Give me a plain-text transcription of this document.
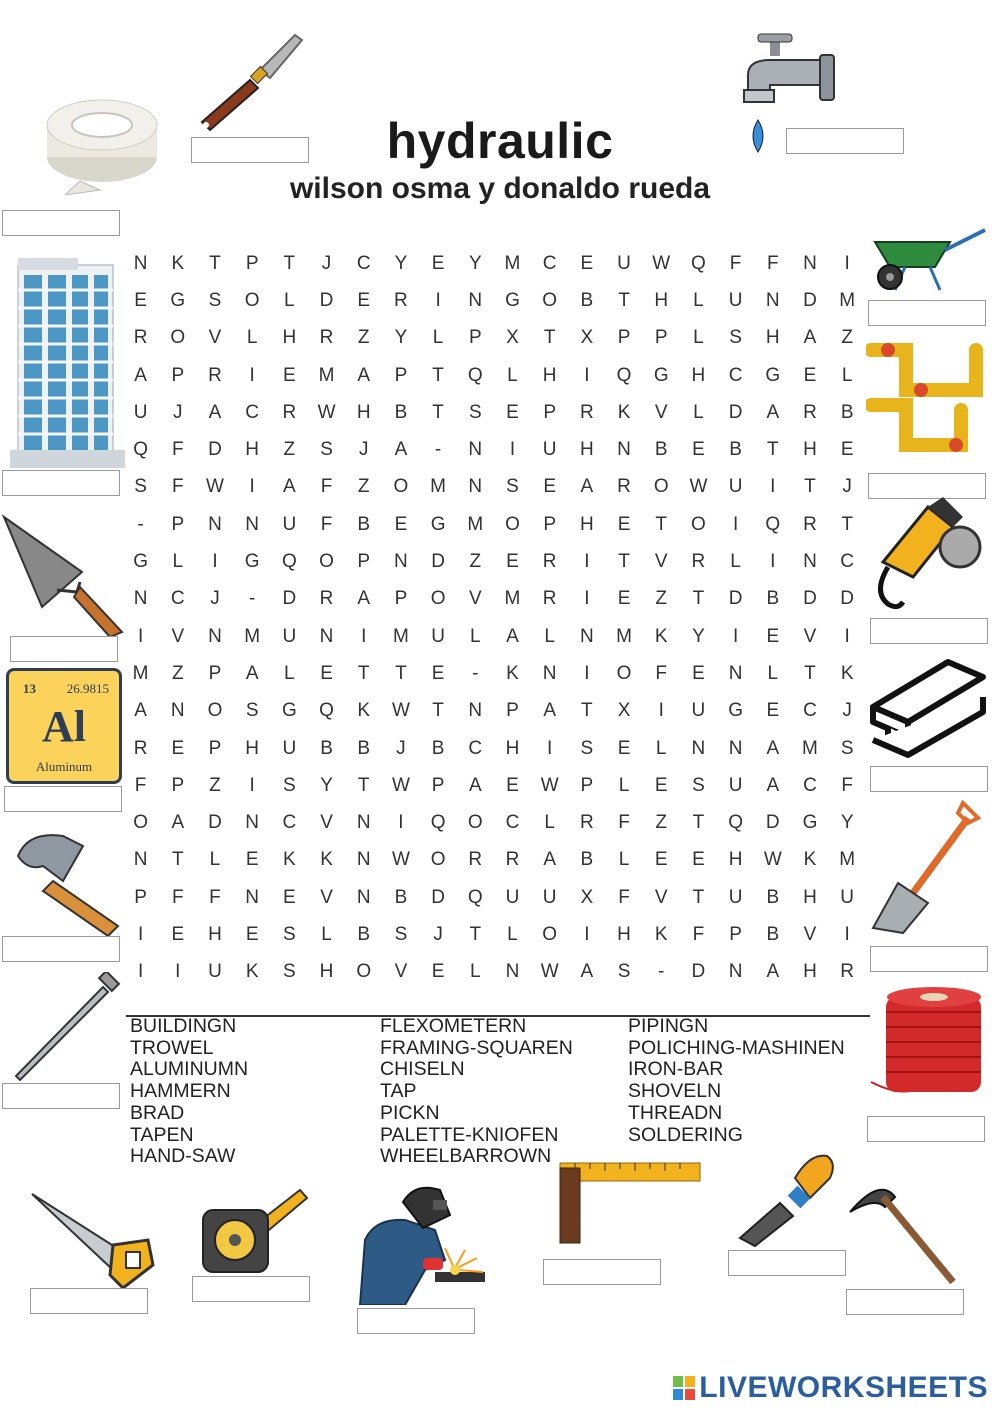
hydraulic
wilson osma y donaldo rueda
N	K	T	P	T	J	C	Y	E	Y	M	C	E	U	W	Q	F	F	N	I
E	G	S	O	L	D	E	R	I	N	G	O	B	T	H	L	U	N	D	M
R	O	V	L	H	R	Z	Y	L	P	X	T	X	P	P	L	S	H	A	Z
A	P	R	I	E	M	A	P	T	Q	L	H	I	Q	G	H	C	G	E	L
U	J	A	C	R	W	H	B	T	S	E	P	R	K	V	L	D	A	R	B
Q	F	D	H	Z	S	J	A	-	N	I	U	H	N	B	E	B	T	H	E
S	F	W	I	A	F	Z	O	M	N	S	E	A	R	O	W	U	I	T	J
-	P	N	N	U	F	B	E	G	M	O	P	H	E	T	O	I	Q	R	T
G	L	I	G	Q	O	P	N	D	Z	E	R	I	T	V	R	L	I	N	C
N	C	J	-	D	R	A	P	O	V	M	R	I	E	Z	T	D	B	D	D
I	V	N	M	U	N	I	M	U	L	A	L	N	M	K	Y	I	E	V	I
M	Z	P	A	L	E	T	T	E	-	K	N	I	O	F	E	N	L	T	K
A	N	O	S	G	Q	K	W	T	N	P	A	T	X	I	U	G	E	C	J
R	E	P	H	U	B	B	J	B	C	H	I	S	E	L	N	N	A	M	S
F	P	Z	I	S	Y	T	W	P	A	E	W	P	L	E	S	U	A	C	F
O	A	D	N	C	V	N	I	Q	O	C	L	R	F	Z	T	Q	D	G	Y
N	T	L	E	K	K	N	W	O	R	R	A	B	L	E	E	H	W	K	M
P	F	F	N	E	V	N	B	D	Q	U	U	X	F	V	T	U	B	H	U
I	E	H	E	S	L	B	S	J	T	L	O	I	H	K	F	P	B	V	I
I	I	U	K	S	H	O	V	E	L	N	W	A	S	-	D	N	A	H	R
BUILDINGN
TROWEL
ALUMINUMN
HAMMERN
BRAD
TAPEN
HAND-SAW
FLEXOMETERN
FRAMING-SQUAREN
CHISELN
TAP
PICKN
PALETTE-KNIOFEN
WHEELBARROWN
PIPINGN
POLICHING-MASHINEN
IRON-BAR
SHOVELN
THREADN
SOLDERING
13 26.9815
Al
Aluminum
LIVEWORKSHEETS
